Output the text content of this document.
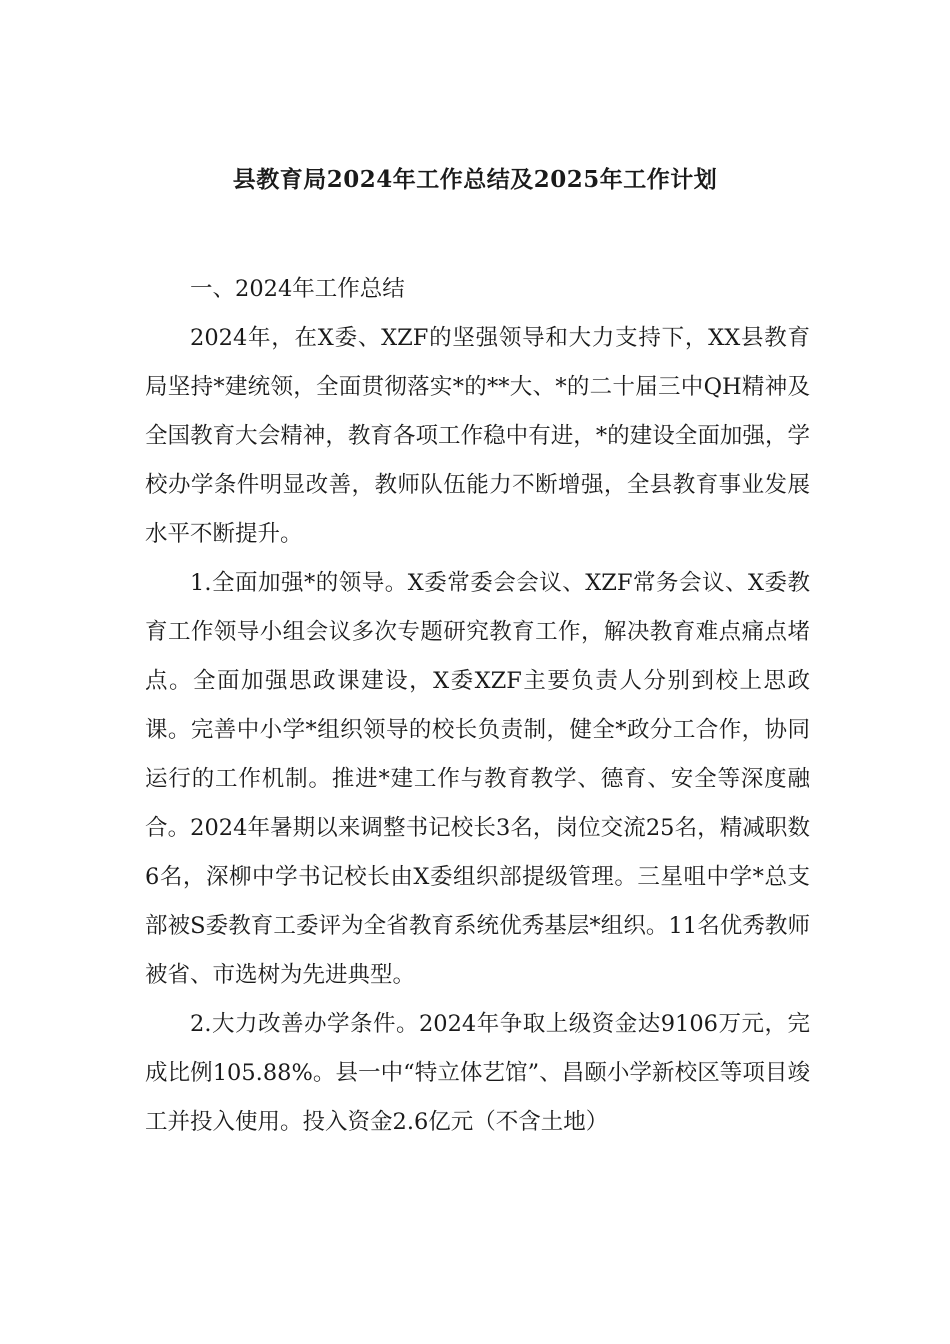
县教育局2024年工作总结及2025年工作计划

一、2024年工作总结

2024年，在X委、XZF的坚强领导和大力支持下，XX县教育局坚持*建统领，全面贯彻落实*的**大、*的二十届三中QH精神及全国教育大会精神，教育各项工作稳中有进，*的建设全面加强，学校办学条件明显改善，教师队伍能力不断增强，全县教育事业发展水平不断提升。

1.全面加强*的领导。X委常委会会议、XZF常务会议、X委教育工作领导小组会议多次专题研究教育工作，解决教育难点痛点堵点。全面加强思政课建设，X委XZF主要负责人分别到校上思政课。完善中小学*组织领导的校长负责制，健全*政分工合作，协同运行的工作机制。推进*建工作与教育教学、德育、安全等深度融合。2024年暑期以来调整书记校长3名，岗位交流25名，精减职数6名，深柳中学书记校长由X委组织部提级管理。三星咀中学*总支部被S委教育工委评为全省教育系统优秀基层*组织。11名优秀教师被省、市选树为先进典型。

2.大力改善办学条件。2024年争取上级资金达9106万元，完成比例105.88%。县一中“特立体艺馆”、昌颐小学新校区等项目竣工并投入使用。投入资金2.6亿元（不含土地）
